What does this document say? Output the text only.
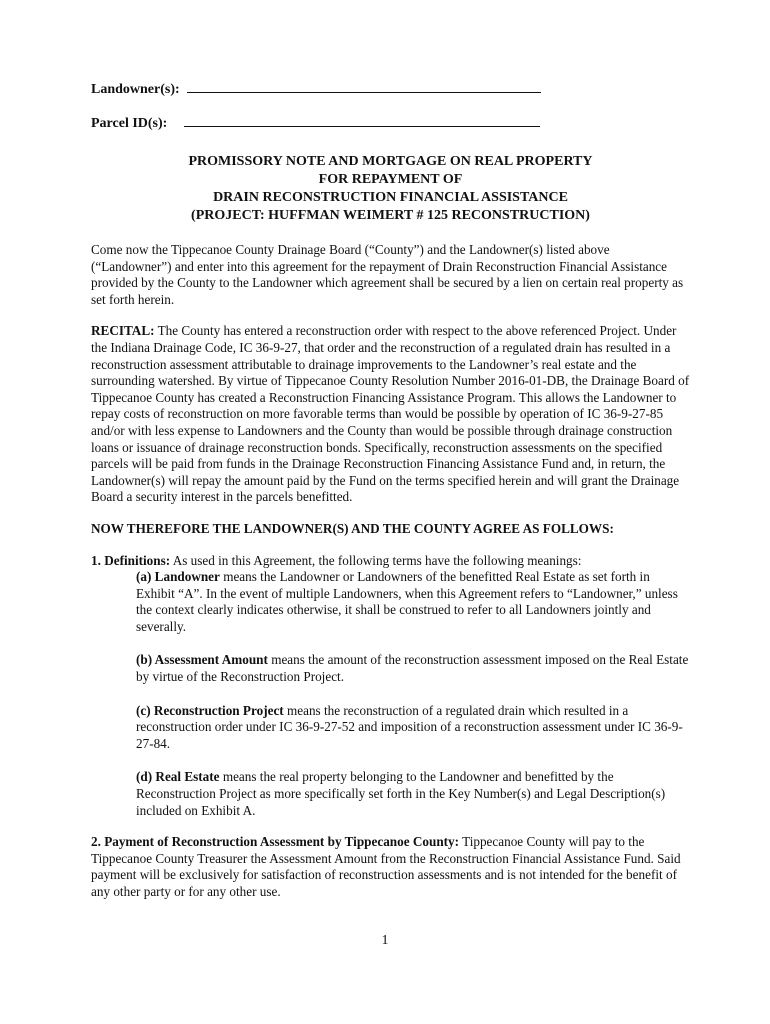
Landowner(s):
Parcel ID(s):
PROMISSORY NOTE AND MORTGAGE ON REAL PROPERTY
FOR REPAYMENT OF
DRAIN RECONSTRUCTION FINANCIAL ASSISTANCE
(PROJECT: HUFFMAN WEIMERT # 125 RECONSTRUCTION)

Come now the Tippecanoe County Drainage Board (“County”) and the Landowner(s) listed above (“Landowner”) and enter into this agreement for the repayment of Drain Reconstruction Financial Assistance provided by the County to the Landowner which agreement shall be secured by a lien on certain real property as set forth herein.

RECITAL: The County has entered a reconstruction order with respect to the above referenced Project. Under the Indiana Drainage Code, IC 36-9-27, that order and the reconstruction of a regulated drain has resulted in a reconstruction assessment attributable to drainage improvements to the Landowner’s real estate and the surrounding watershed. By virtue of Tippecanoe County Resolution Number 2016-01-DB, the Drainage Board of Tippecanoe County has created a Reconstruction Financing Assistance Program. This allows the Landowner to repay costs of reconstruction on more favorable terms than would be possible by operation of IC 36-9-27-85 and/or with less expense to Landowners and the County than would be possible through drainage construction loans or issuance of drainage reconstruction bonds. Specifically, reconstruction assessments on the specified parcels will be paid from funds in the Drainage Reconstruction Financing Assistance Fund and, in return, the Landowner(s) will repay the amount paid by the Fund on the terms specified herein and will grant the Drainage Board a security interest in the parcels benefitted.

NOW THEREFORE THE LANDOWNER(S) AND THE COUNTY AGREE AS FOLLOWS:

1. Definitions: As used in this Agreement, the following terms have the following meanings:

(a) Landowner means the Landowner or Landowners of the benefitted Real Estate as set forth in Exhibit “A”. In the event of multiple Landowners, when this Agreement refers to “Landowner,” unless the context clearly indicates otherwise, it shall be construed to refer to all Landowners jointly and severally.

(b) Assessment Amount means the amount of the reconstruction assessment imposed on the Real Estate by virtue of the Reconstruction Project.

(c) Reconstruction Project means the reconstruction of a regulated drain which resulted in a reconstruction order under IC 36-9-27-52 and imposition of a reconstruction assessment under IC 36-9-27-84.

(d) Real Estate means the real property belonging to the Landowner and benefitted by the Reconstruction Project as more specifically set forth in the Key Number(s) and Legal Description(s) included on Exhibit A.

2. Payment of Reconstruction Assessment by Tippecanoe County: Tippecanoe County will pay to the Tippecanoe County Treasurer the Assessment Amount from the Reconstruction Financial Assistance Fund. Said payment will be exclusively for satisfaction of reconstruction assessments and is not intended for the benefit of any other party or for any other use.

1
